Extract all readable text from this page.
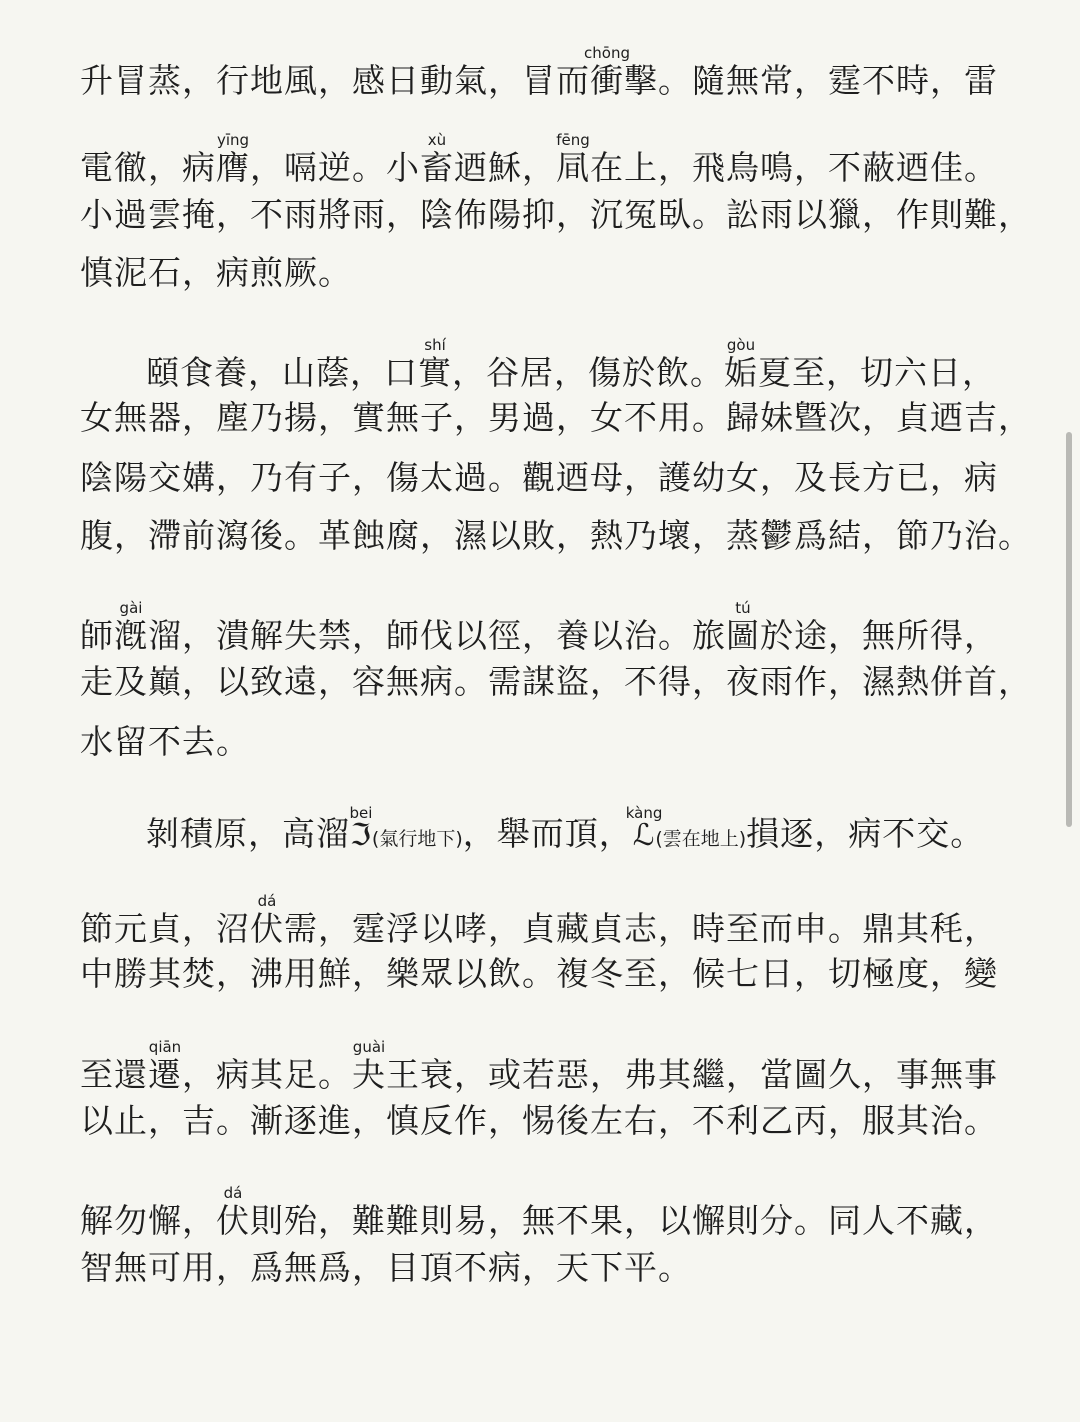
升冒蒸，行地風，感日動氣，冒而衝chōng擊。隨無常，霆不時，雷
電徹，病膺yīng，嗝逆。小畜xù迺穌，凬fēng在上，飛鳥鳴，不蔽迺佳。
小過雲掩，不雨將雨，陰佈陽抑，沉冤臥。訟雨以獵，作則難，
慎泥石，病煎厥。
頤食養，山蔭，口實shí，谷居，傷於飲。姤gòu夏至，切六日，
女無器，塵乃揚，實無子，男過，女不用。歸妹曁次，貞迺吉，
陰陽交媾，乃有子，傷太過。觀迺母，護幼女，及長方已，病
腹，滯前瀉後。革蝕腐，濕以敗，熱乃壞，蒸鬱爲結，節乃治。
師漑gài溜，潰解失禁，師伐以徑，養以治。旅圖tú於途，無所得，
走及巔，以致遠，容無病。需謀盜，不得，夜雨作，濕熱併首，
水留不去。
剝積原，高溜ℑbei(氣行地下)，舉而頂，ℒkàng(雲在地上)損逐，病不交。
節元貞，沼伏dá需，霆浮以哮，貞藏貞志，時至而申。鼎其秏，
中勝其焚，沸用鮮，樂眾以飲。複冬至，候七日，切極度，變
至還遷qiān，病其足。夬guài王衰，或若惡，弗其繼，當圖久，事無事
以止，吉。漸逐進，慎反作，惕後左右，不利乙丙，服其治。
解勿懈，伏dá則殆，難難則易，無不果，以懈則分。同人不藏，
智無可用，爲無爲，目頂不病，天下平。
